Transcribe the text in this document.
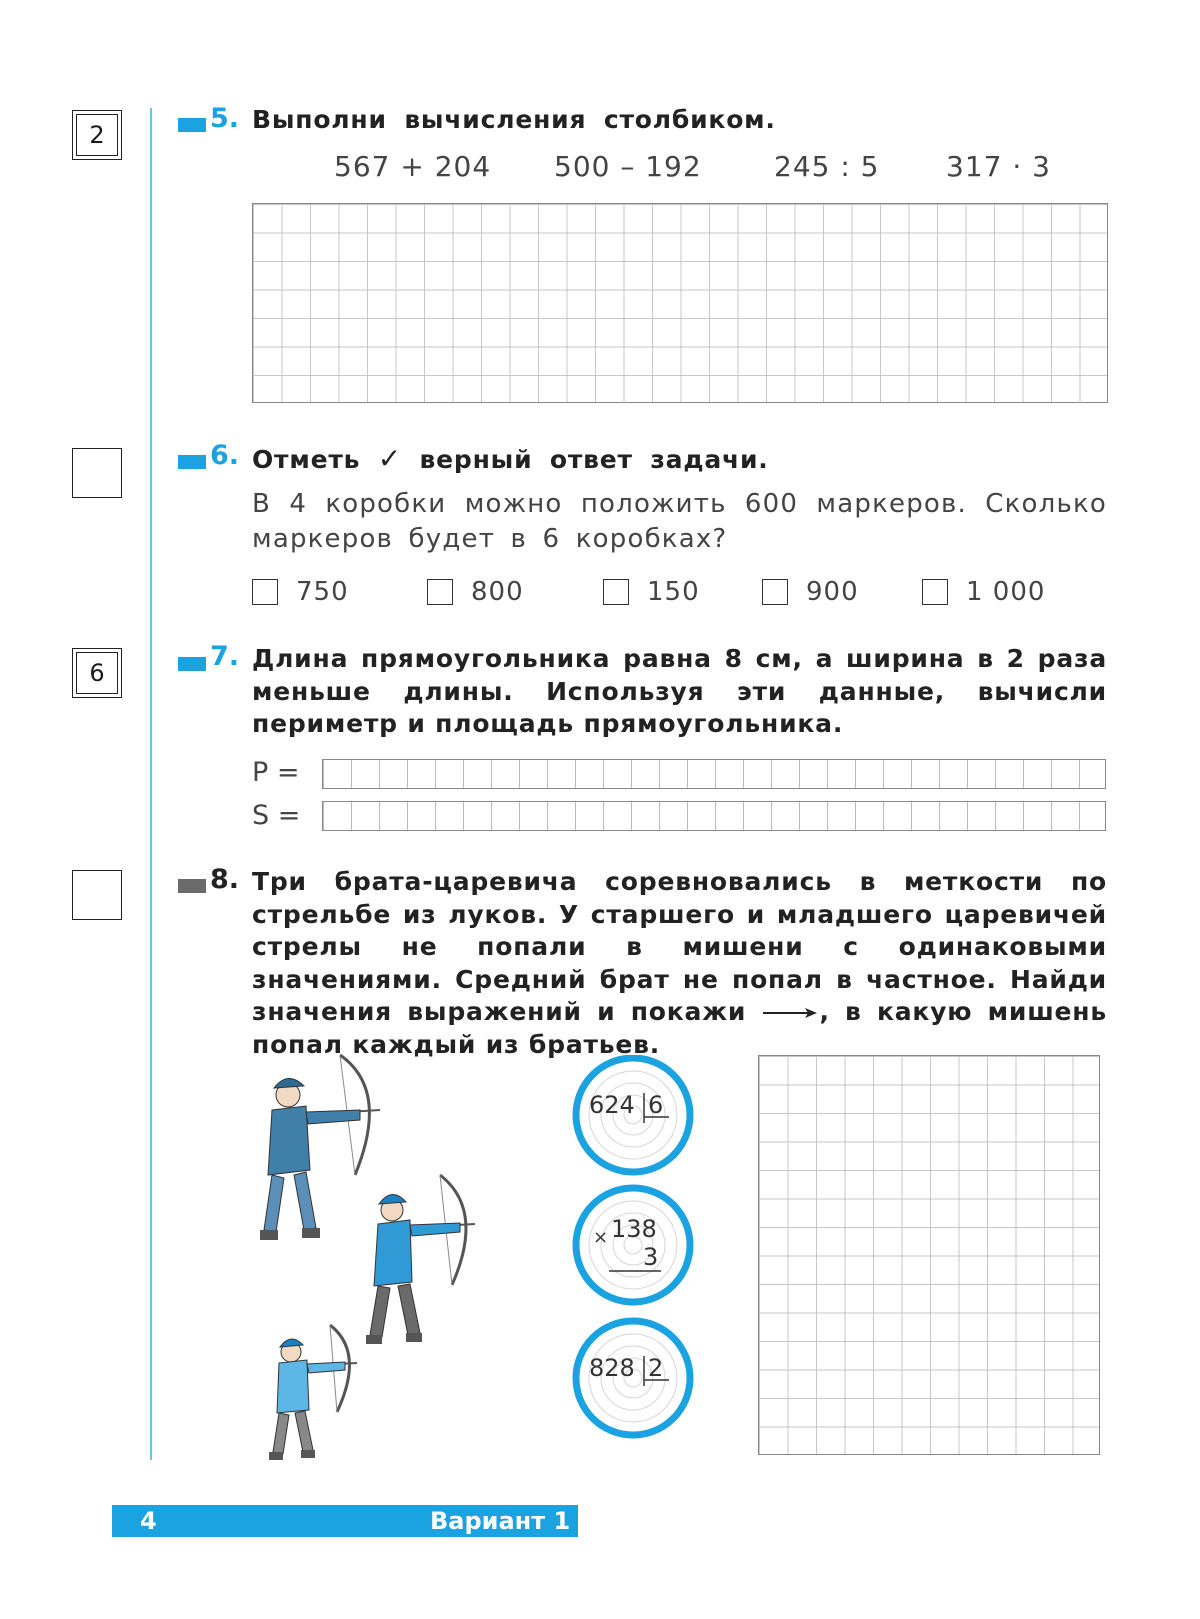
2
5. Выполни вычисления столбиком.
567 + 204 500 – 192	245 : 5 317 · 3
6. Отметь ✓ верный ответ задачи.
В 4 коробки можно положить 600 маркеров. Сколько маркеров будет в 6 коробках?
750	800	150	900	1 000
6
7. Длина прямоугольника равна 8 см, а ширина в 2 раза меньше длины. Используя эти данные, вычисли периметр и площадь прямоугольника.
P =
S =
8. Три брата-царевича соревновались в меткости по стрельбе из луков. У старшего и младшего царевичей стрелы не попали в мишени с одинаковыми значениями. Средний брат не попал в частное. Найди значения выражений и покажи	, в какую мишень попал каждый из братьев.
624 6
× 138
3
828 2
4	Вариант 1
